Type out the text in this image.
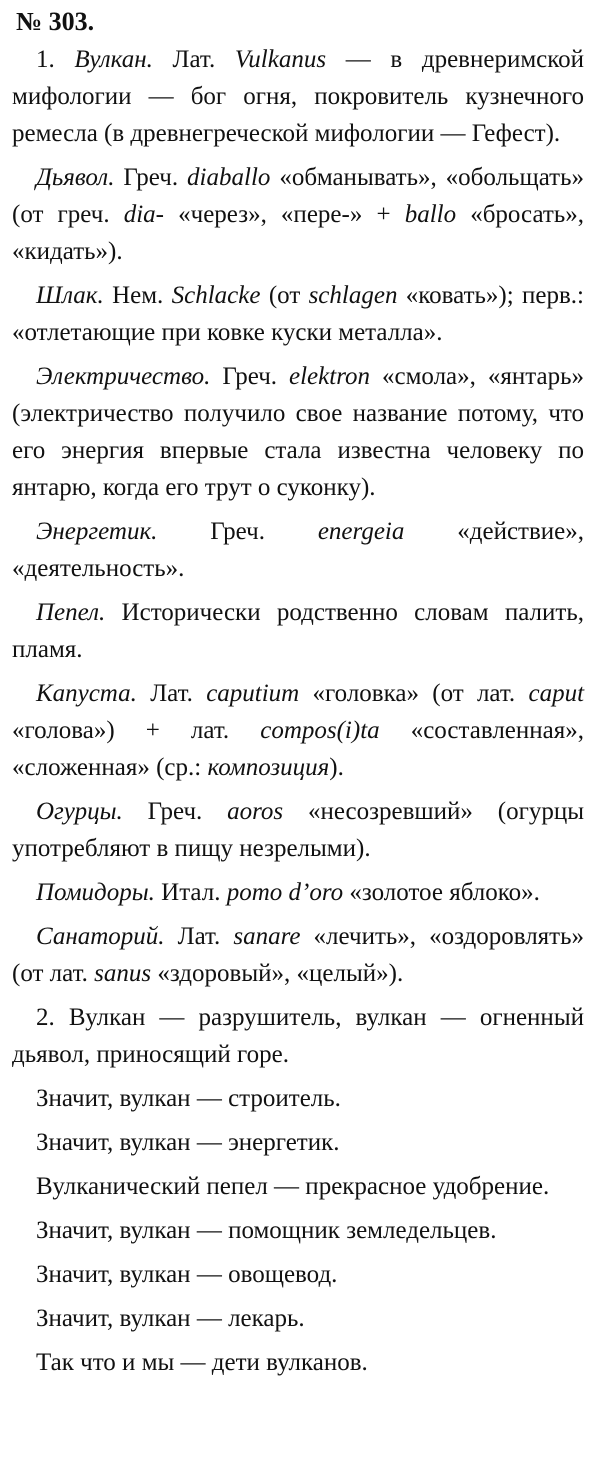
№ 303.

1. Вулкан. Лат. Vulkanus — в древнеримской мифологии — бог огня, покровитель кузнечного ремесла (в древнегреческой мифологии — Гефест).

Дьявол. Греч. diaballo «обманывать», «обольщать» (от греч. dia- «через», «пере-» + ballo «бросать», «кидать»).

Шлак. Нем. Schlacke (от schlagen «ковать»); перв.: «отлетающие при ковке куски металла».

Электричество. Греч. elektron «смола», «янтарь» (электричество получило свое название потому, что его энергия впервые стала известна человеку по янтарю, когда его трут о суконку).

Энергетик. Греч. energeia «действие», «деятельность».

Пепел. Исторически родственно словам палить, пламя.

Капуста. Лат. caputium «головка» (от лат. caput «голова») + лат. compos(i)ta «составленная», «сложенная» (ср.: композиция).

Огурцы. Греч. aoros «несозревший» (огурцы употребляют в пищу незрелыми).

Помидоры. Итал. pomo d’oro «золотое яблоко».

Санаторий. Лат. sanare «лечить», «оздоровлять» (от лат. sanus «здоровый», «целый»).

2. Вулкан — разрушитель, вулкан — огненный дьявол, приносящий горе.

Значит, вулкан — строитель.

Значит, вулкан — энергетик.

Вулканический пепел — прекрасное удобрение.

Значит, вулкан — помощник земледельцев.

Значит, вулкан — овощевод.

Значит, вулкан — лекарь.

Так что и мы — дети вулканов.
